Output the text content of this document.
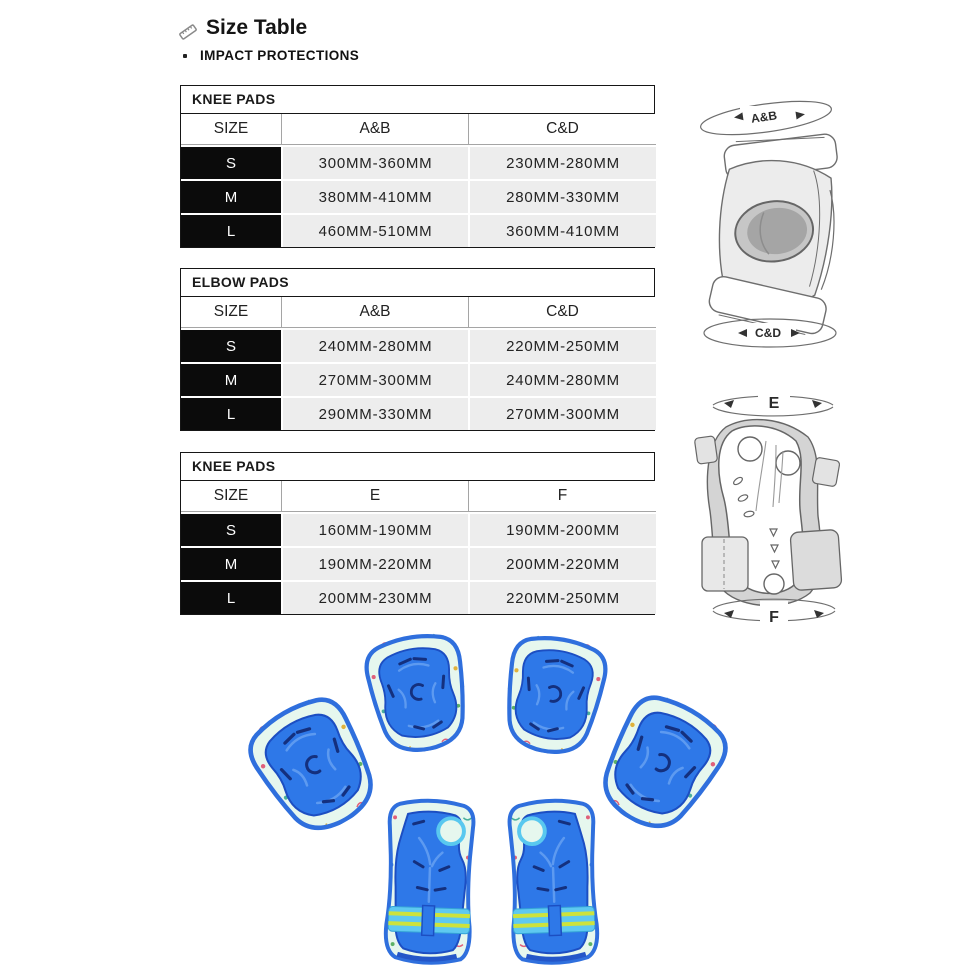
Size Table
IMPACT PROTECTIONS
KNEE PADS
SIZE	A&B	C&D
S	300MM-360MM	230MM-280MM
M	380MM-410MM	280MM-330MM
L	460MM-510MM	360MM-410MM
ELBOW PADS
SIZE	A&B	C&D
S	240MM-280MM	220MM-250MM
M	270MM-300MM	240MM-280MM
L	290MM-330MM	270MM-300MM
KNEE PADS
SIZE	E	F
S	160MM-190MM	190MM-200MM
M	190MM-220MM	200MM-220MM
L	200MM-230MM	220MM-250MM
A&B
C&D
E
F
